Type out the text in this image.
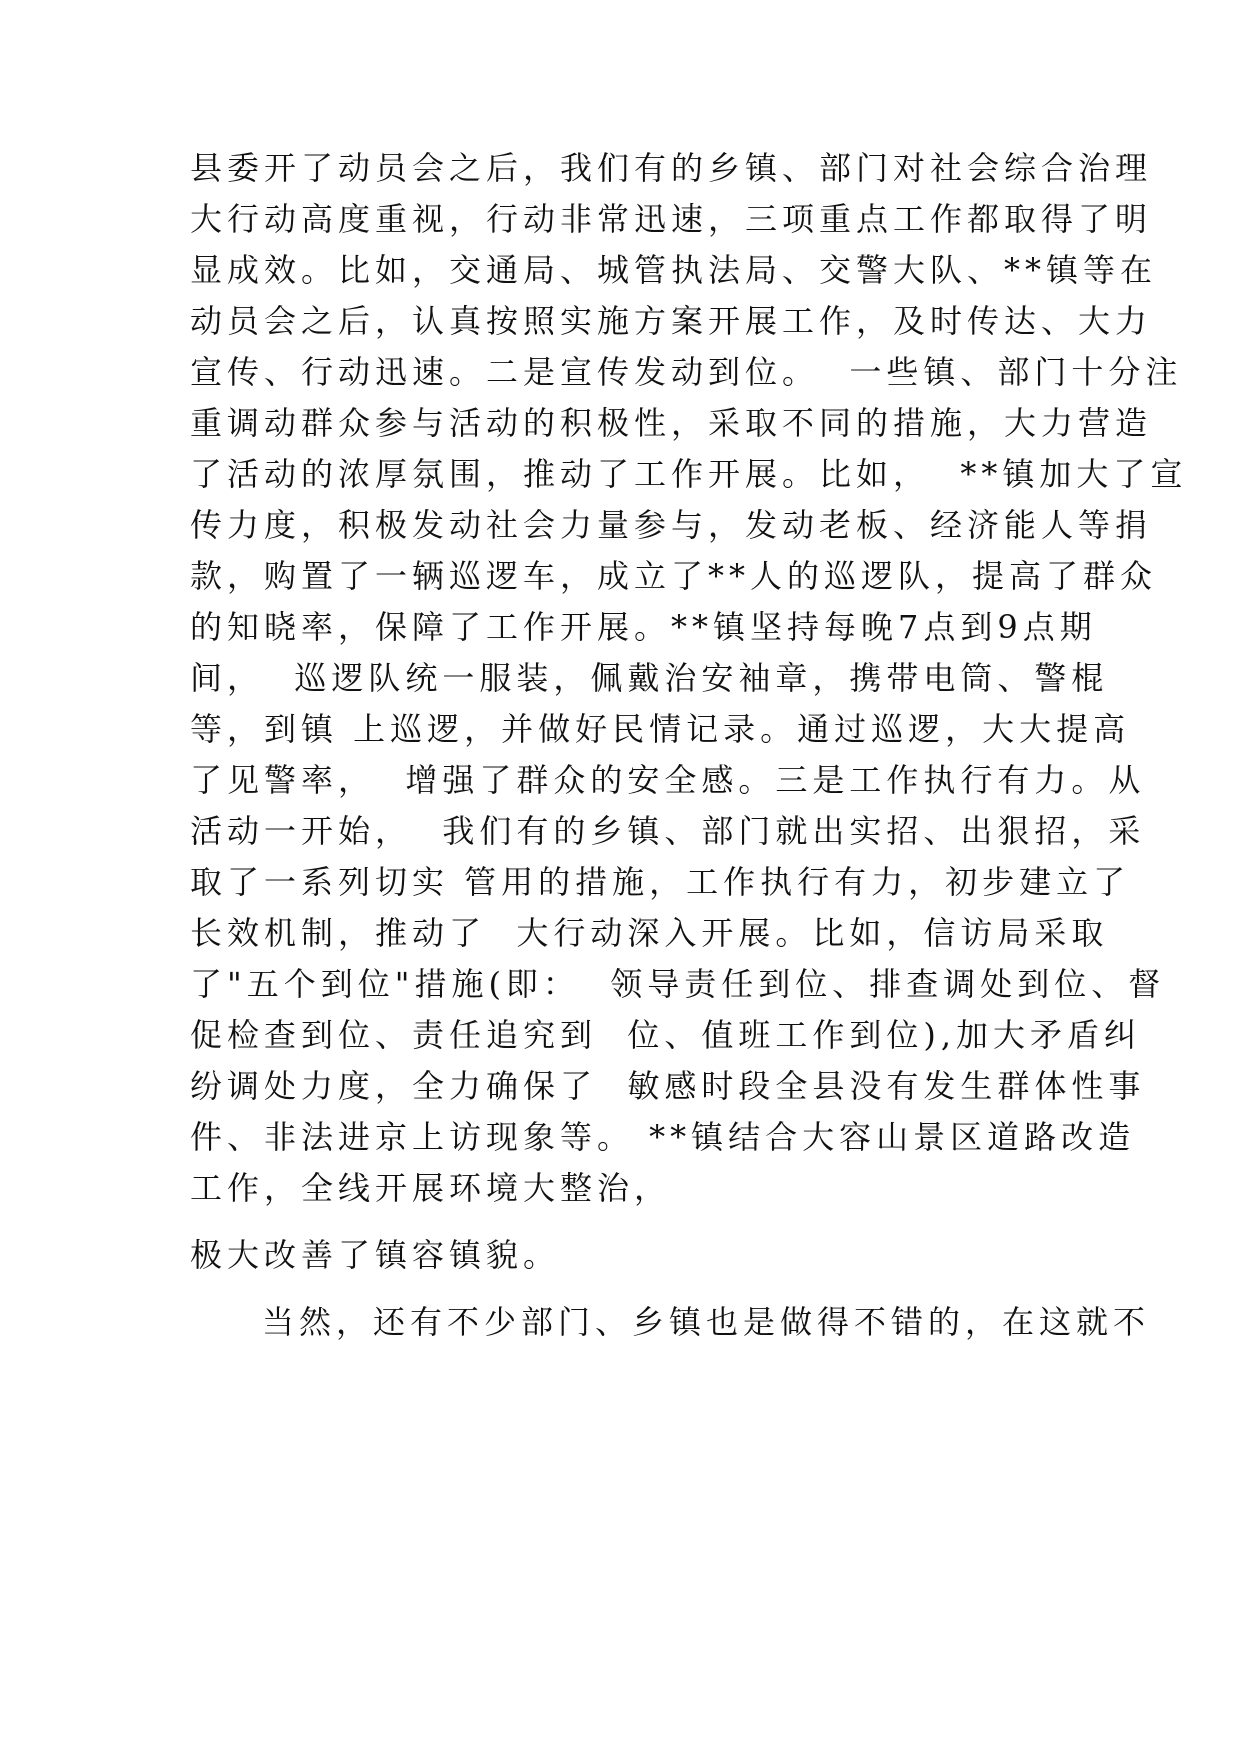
县委开了动员会之后，我们有的乡镇、部门对社会综合治理
大行动高度重视，行动非常迅速，三项重点工作都取得了明
显成效。比如，交通局、城管执法局、交警大队、**镇等在
动员会之后，认真按照实施方案开展工作，及时传达、大力
宣传、行动迅速。二是宣传发动到位。  一些镇、部门十分注
重调动群众参与活动的积极性，采取不同的措施，大力营造
了活动的浓厚氛围，推动了工作开展。比如，  **镇加大了宣
传力度，积极发动社会力量参与，发动老板、经济能人等捐
款，购置了一辆巡逻车，成立了**人的巡逻队，提高了群众
的知晓率，保障了工作开展。**镇坚持每晚7点到9点期
间，  巡逻队统一服装，佩戴治安袖章，携带电筒、警棍
等，到镇 上巡逻，并做好民情记录。通过巡逻，大大提高
了见警率，  增强了群众的安全感。三是工作执行有力。从
活动一开始，  我们有的乡镇、部门就出实招、出狠招，采
取了一系列切实 管用的措施，工作执行有力，初步建立了
长效机制，推动了  大行动深入开展。比如，信访局采取
了"五个到位"措施(即：  领导责任到位、排查调处到位、督
促检查到位、责任追究到  位、值班工作到位),加大矛盾纠
纷调处力度，全力确保了  敏感时段全县没有发生群体性事
件、非法进京上访现象等。 **镇结合大容山景区道路改造
工作，全线开展环境大整治，
极大改善了镇容镇貌。
当然，还有不少部门、乡镇也是做得不错的，在这就不
